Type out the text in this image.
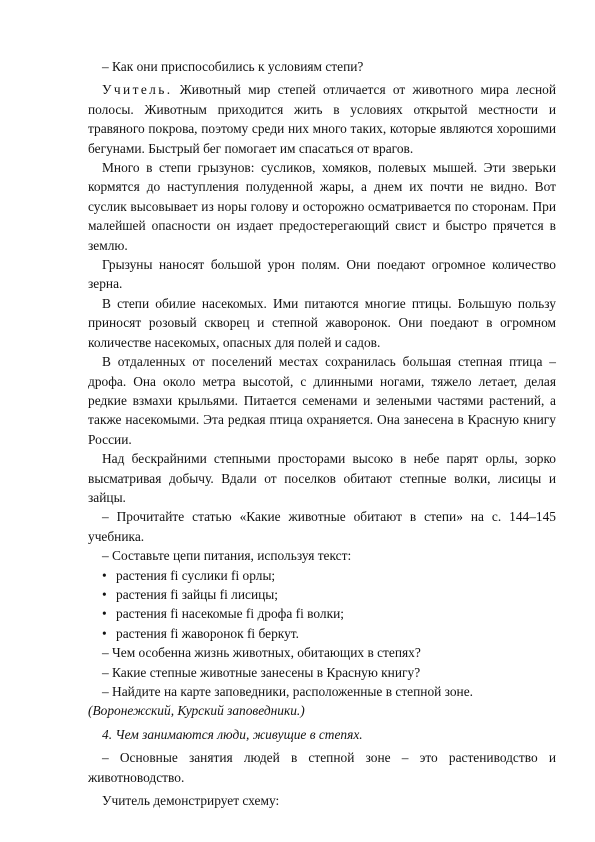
– Как они приспособились к условиям степи?

Учитель. Животный мир степей отличается от животного мира лесной полосы. Животным приходится жить в условиях открытой местности и травяного покрова, поэтому среди них много таких, которые являются хорошими бегунами. Быстрый бег помогает им спасаться от врагов.

Много в степи грызунов: сусликов, хомяков, полевых мышей. Эти зверьки кормятся до наступления полуденной жары, а днем их почти не видно. Вот суслик высовывает из норы голову и осторожно осматривается по сторонам. При малейшей опасности он издает предостерегающий свист и быстро прячется в землю.

Грызуны наносят большой урон полям. Они поедают огромное количество зерна.

В степи обилие насекомых. Ими питаются многие птицы. Большую пользу приносят розовый скворец и степной жаворонок. Они поедают в огромном количестве насекомых, опасных для полей и садов.

В отдаленных от поселений местах сохранилась большая степная птица – дрофа. Она около метра высотой, с длинными ногами, тяжело летает, делая редкие взмахи крыльями. Питается семенами и зелеными частями растений, а также насекомыми. Эта редкая птица охраняется. Она занесена в Красную книгу России.

Над бескрайними степными просторами высоко в небе парят орлы, зорко высматривая добычу. Вдали от поселков обитают степные волки, лисицы и зайцы.

– Прочитайте статью «Какие животные обитают в степи» на с. 144–145 учебника.

– Составьте цепи питания, используя текст:

• растения fi суслики fi орлы;
• растения fi зайцы fi лисицы;
• растения fi насекомые fi дрофа fi волки;
• растения fi жаворонок fi беркут.

– Чем особенна жизнь животных, обитающих в степях?

– Какие степные животные занесены в Красную книгу?

– Найдите на карте заповедники, расположенные в степной зоне.

(Воронежский, Курский заповедники.)

4. Чем занимаются люди, живущие в степях.

– Основные занятия людей в степной зоне – это растениводство и животноводство.

Учитель демонстрирует схему:
